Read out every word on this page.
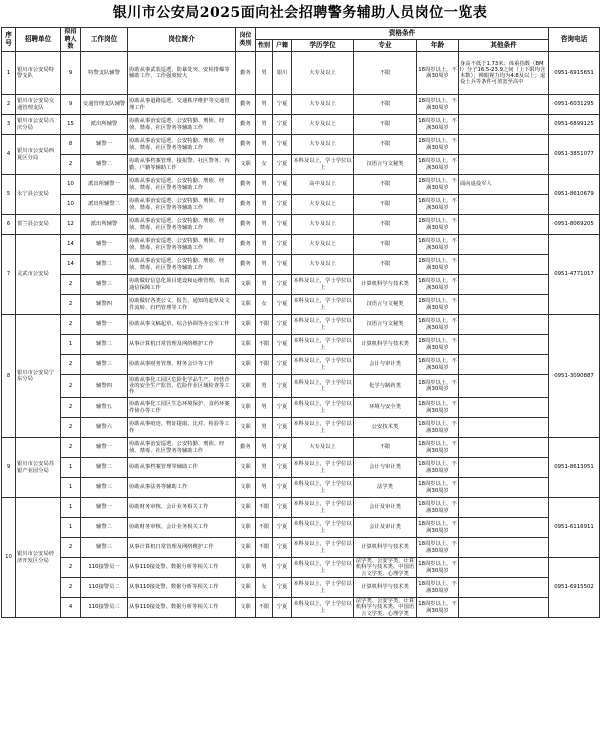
银川市公安局2025面向社会招聘警务辅助人员岗位一览表
序号	招聘单位	拟招聘人数	工作岗位	岗位简介	岗位类别	资格条件						咨询电话
						性别	户籍	学历学位	专业	年龄	其他条件	
1	银川市公安局特警支队	9	特警支队辅警	协助从事武装巡逻、防暴处突、安检排爆等辅助工作，工作强度较大	勤务	男	银川	大专及以上	不限	18周岁以上，不满30周岁	身高不低于1.73米；体重指数（BMI）分子16.5-23.9之间（上下限均含本数）；裸眼视力均为4.8及以上；退役士兵等条件可放宽至高中	0951-6915651
2	银川市公安局交通管理支队	9	交通管理支队辅警	协助从事道路巡逻、交通秩序维护等交通管理工作	勤务	男	宁夏	大专及以上	不限	18周岁以上，不满30周岁		0951-6031295
3	银川市公安局兴庆分局	15	派出所辅警	协助从事治安巡逻、公安特勤、刑侦、经侦、禁毒、社区警务等辅助工作	勤务	男	宁夏	大专及以上	不限	18周岁以上，不满30周岁		0951-6899125
4	银川市公安局西夏区分局	8	辅警一	协助从事治安巡逻、公安特勤、刑侦、经侦、禁毒、社区警务等辅助工作	勤务	男	宁夏	大专及以上	不限	18周岁以上，不满30周岁		0951-3851077
		2	辅警二	协助从事档案管理、接报警、社区警务、内勤、户籍等辅助工作	文职	女	宁夏	本科及以上，学士学位以上	汉语言与文秘类	18周岁以上，不满30周岁		
5	永宁县公安局	10	派出所辅警一	协助从事治安巡逻、公安特勤、刑侦、经侦、禁毒、社区警务等辅助工作	勤务	男	宁夏	高中及以上	不限	18周岁以上，不满30周岁	面向退役军人	0951-8610679
		10	派出所辅警二	协助从事治安巡逻、公安特勤、刑侦、经侦、禁毒、社区警务等辅助工作	勤务	男	宁夏	大专及以上	不限	18周岁以上，不满30周岁		
6	贺兰县公安局	12	派出所辅警	协助从事治安巡逻、公安特勤、刑侦、经侦、禁毒、社区警务等辅助工作	勤务	男	宁夏	大专及以上	不限	18周岁以上，不满30周岁		0951-8069205
7	灵武市公安局	14	辅警一	协助从事治安巡逻、公安特勤、刑侦、经侦、禁毒、社区警务等辅助工作	勤务	男	宁夏	大专及以上	不限	18周岁以上，不满30周岁		0951-4771017
		14	辅警二	协助从事治安巡逻、公安特勤、刑侦、经侦、禁毒、社区警务等辅助工作	勤务	男	宁夏	大专及以上	不限	18周岁以上，不满30周岁		
		2	辅警三	协助做好信息化项目建设和运维管理，负责通信保障工作	文职	男	宁夏	本科及以上，学士学位以上	计算机科学与技术类	18周岁以上，不满30周岁		
		2	辅警四	协助做好各类公文、报告、通知的起草及文件流转、归档管理等工作	文职	女	宁夏	本科及以上，学士学位以上	汉语言与文秘类	18周岁以上，不满30周岁		
8	银川市公安局宁东分局	2	辅警一	协助从事文稿起草、综合协调等办公室工作	文职	不限	宁夏	本科及以上，学士学位以上	汉语言与文秘类	18周岁以上，不满30周岁		0951-3090887
		1	辅警二	从事计算机日常管理及网络维护工作	文职	不限	宁夏	本科及以上，学士学位以上	计算机科学与技术类	18周岁以上，不满30周岁		
		2	辅警三	协助从事财务管理、财务会计等工作	文职	不限	宁夏	本科及以上，学士学位以上	会计与审计类	18周岁以上，不满30周岁		
		2	辅警四	协助从事化工园区危险化学品生产、经营企业的安全生产监管、危险作业区域检查等工作	文职	男	宁夏	本科及以上，学士学位以上	化学与制药类	18周岁以上，不满30周岁		
		2	辅警五	协助从事化工园区生态环境保护、食药环案件侦办等工作	文职	男	宁夏	本科及以上，学士学位以上	环境与安全类	18周岁以上，不满30周岁		
		2	辅警六	协助从事痕迹、物证提取、比对、检验等工作	文职	男	宁夏	本科及以上，学士学位以上	公安技术类	18周岁以上，不满30周岁		
9	银川市公安局苏银产业园分局	2	辅警一	协助从事治安巡逻、公安特勤、刑侦、经侦、禁毒、社区警务等辅助工作	勤务	男	宁夏	大专及以上	不限	18周岁以上，不满30周岁		0951-8613051
		1	辅警二	协助从事档案管理等辅助工作	文职	男	宁夏	本科及以上，学士学位以上	会计与审计类	18周岁以上，不满30周岁		
		1	辅警三	协助从事法务等辅助工作	文职	男	宁夏	本科及以上，学士学位以上	法学类	18周岁以上，不满30周岁		
10	银川市公安局经济开发区分局	1	辅警一	协助财务审核、会计业务相关工作	文职	不限	宁夏	本科及以上，学士学位以上	会计及审计类	18周岁以上，不满30周岁		0951-6116911
		1	辅警二	协助财务审核、会计业务相关工作	文职	不限	宁夏	本科及以上，学士学位以上	会计及审计类	18周岁以上，不满30周岁		
		2	辅警三	从事计算机日常管理及网络维护工作	文职	不限	宁夏	本科及以上，学士学位以上	计算机科学与技术类	18周岁以上，不满30周岁		
		2	110接警员一	从事110接处警、数据分析等相关工作	文职	男	宁夏	本科及以上，学士学位以上	法学类、公安学类、计算机科学与技术类、中国语言文学类、心理学类	18周岁以上，不满30周岁		0951-6915502
		2	110接警员二	从事110接处警、数据分析等相关工作	文职	女	宁夏	本科及以上，学士学位以上	计算机科学与技术类	18周岁以上，不满30周岁		
		4	110接警员三	从事110接处警、数据分析等相关工作	文职	不限	宁夏	本科及以上，学士学位以上	法学类、公安学类、计算机科学与技术类、中国语言文学类、心理学类	18周岁以上，不满30周岁		
